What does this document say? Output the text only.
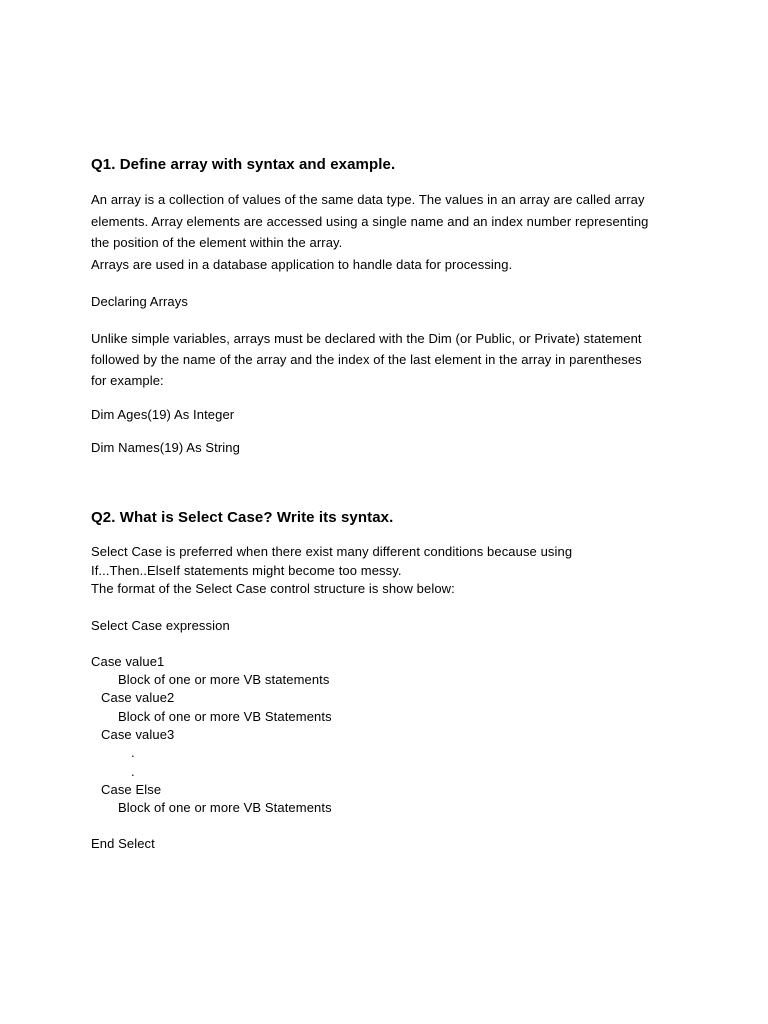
Q1. Define array with syntax and example.

An array is a collection of values of the same data type. The values in an array are called array

elements. Array elements are accessed using a single name and an index number representing

the position of the element within the array.

Arrays are used in a database application to handle data for processing.

Declaring Arrays

Unlike simple variables, arrays must be declared with the Dim (or Public, or Private) statement

followed by the name of the array and the index of the last element in the array in parentheses

for example:

Dim Ages(19) As Integer

Dim Names(19) As String

Q2. What is Select Case? Write its syntax.

Select Case is preferred when there exist many different conditions because using

If...Then..ElseIf statements might become too messy.

The format of the Select Case control structure is show below:

Select Case expression

Case value1

Block of one or more VB statements

Case value2

Block of one or more VB Statements

Case value3

.

.

Case Else

Block of one or more VB Statements

End Select
